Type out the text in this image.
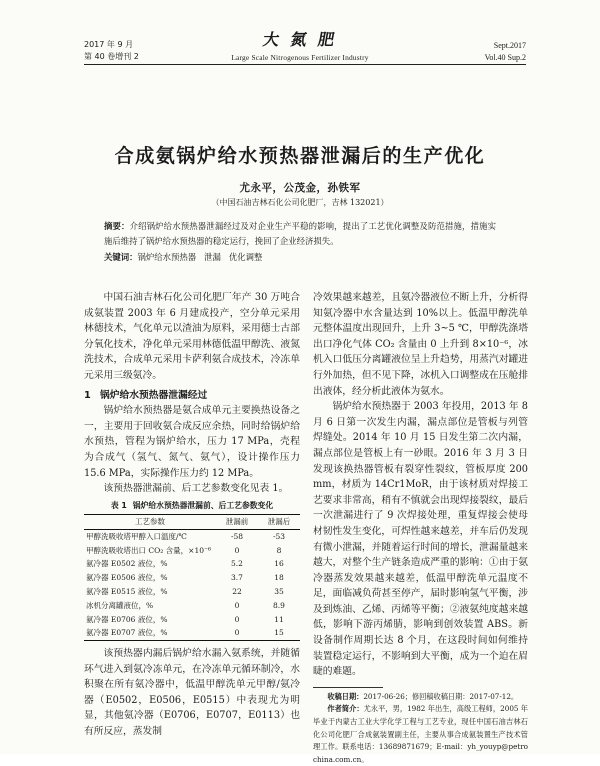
2017 年 9 月
第 40 卷增刊 2
大 氮 肥
Large Scale Nitrogenous Fertilizer Industry
Sept.2017
Vol.40 Sup.2
合成氨锅炉给水预热器泄漏后的生产优化
尤永平，公茂金，孙铁军
（中国石油吉林石化公司化肥厂，吉林 132021）

摘要：介绍锅炉给水预热器泄漏经过及对企业生产平稳的影响，提出了工艺优化调整及防范措施，措施实施后维持了锅炉给水预热器的稳定运行，挽回了企业经济损失。

关键词：锅炉给水预热器   泄漏   优化调整

中国石油吉林石化公司化肥厂年产 30 万吨合成氨装置 2003 年 6 月建成投产，空分单元采用林德技术，气化单元以渣油为原料，采用德士古部分氧化技术，净化单元采用林德低温甲醇洗、液氮洗技术，合成单元采用卡萨利氨合成技术，冷冻单元采用三级氨冷。

1 锅炉给水预热器泄漏经过

锅炉给水预热器是氨合成单元主要换热设备之一，主要用于回收氨合成反应余热，同时给锅炉给水预热，管程为锅炉给水，压力 17 MPa，壳程为合成气（氢气、氮气、氨气），设计操作压力 15.6 MPa，实际操作压力约 12 MPa。

该预热器泄漏前、后工艺参数变化见表 1。

表 1 锅炉给水预热器泄漏前、后工艺参数变化
工艺参数	泄漏前	泄漏后
甲醇洗吸收塔甲醇入口温度/℃	-58	-53
甲醇洗吸收塔出口 CO₂ 含量，×10⁻⁶	0	8
氨冷器 E0502 液位，%	5.2	16
氨冷器 E0506 液位，%	3.7	18
氨冷器 E0515 液位，%	22	35
冰机分离罐液位，%	0	8.9
氨冷器 E0706 液位，%	0	11
氨冷器 E0707 液位，%	0	15

该预热器内漏后锅炉给水漏入氨系统，并随循环气进入到氨冷冻单元，在冷冻单元循环制冷，水积聚在所有氨冷器中，低温甲醇洗单元甲醇/氨冷器（E0502，E0506，E0515）中表现尤为明显，其他氨冷器（E0706，E0707，E0113）也有所反应，蒸发制

冷效果越来越差，且氨冷器液位不断上升，分析得知氨冷器中水含量达到 10%以上。低温甲醇洗单元整体温度出现回升，上升 3~5 ℃，甲醇洗涤塔出口净化气体 CO₂ 含量由 0 上升到 8×10⁻⁶，冰机入口低压分离罐液位呈上升趋势，用蒸汽对罐进行外加热，但不见下降，冰机入口调整成在压舱排出液体，经分析此液体为氨水。

锅炉给水预热器于 2003 年投用，2013 年 8 月 6 日第一次发生内漏，漏点部位是管板与列管焊缝处。2014 年 10 月 15 日发生第二次内漏，漏点部位是管板上有一砂眼。2016 年 3 月 3 日发现该换热器管板有裂穿性裂纹，管板厚度 200 mm，材质为 14Cr1MoR，由于该材质对焊接工艺要求非常高，稍有不慎就会出现焊接裂纹，最后一次泄漏进行了 9 次焊接处理，重复焊接会使母材韧性发生变化，可焊性越来越差，并车后仍发现有微小泄漏，并随着运行时间的增长，泄漏量越来越大，对整个生产链条造成严重的影响：①由于氨冷器蒸发效果越来越差，低温甲醇洗单元温度不足，面临减负荷甚至停产，届时影响氢气平衡，涉及到炼油、乙烯、丙烯等平衡；②液氨纯度越来越低，影响下游丙烯腈，影响到创效装置 ABS。新设备制作周期长达 8 个月，在这段时间如何维持装置稳定运行，不影响到大平衡，成为一个迫在眉睫的难题。

收稿日期：2017-06-26；修回稿收稿日期：2017-07-12。

作者简介：尤永平，男，1982 年出生，高级工程师，2005 年毕业于内蒙古工业大学化学工程与工艺专业，现任中国石油吉林石化公司化肥厂合成氨装置副主任，主要从事合成氨装置生产技术管理工作。联系电话：13689871679；E-mail：yh_youyp@petrochina.com.cn。
